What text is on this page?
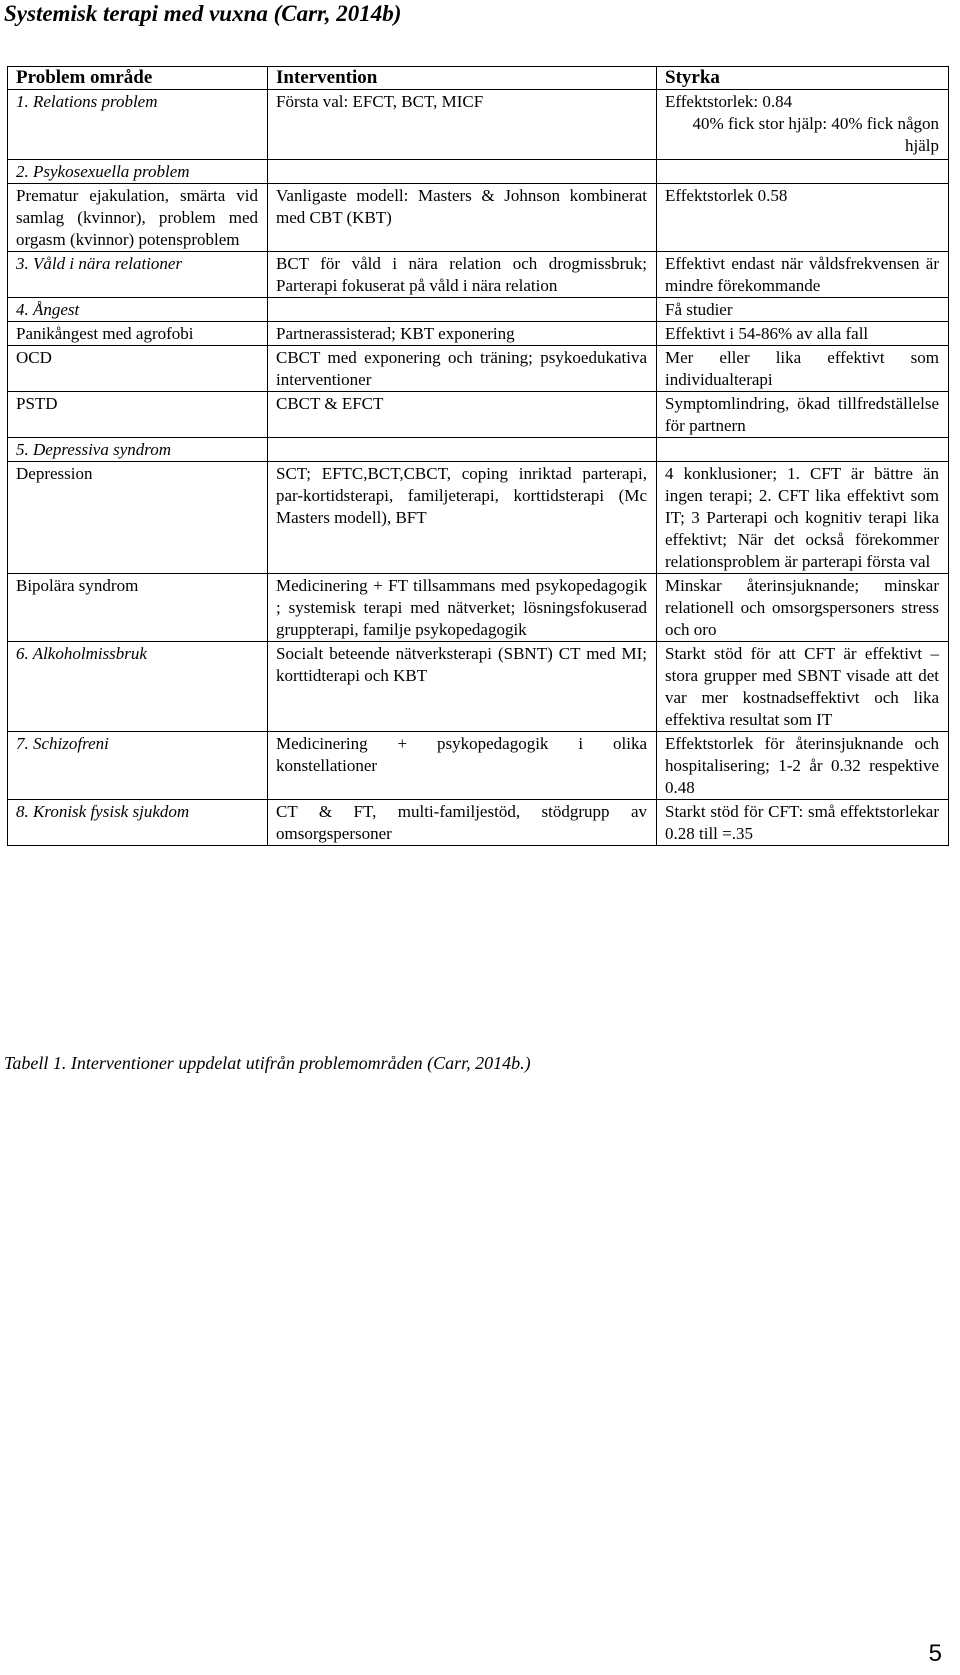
Systemisk terapi med vuxna (Carr, 2014b)
Problem område	Intervention	Styrka
1. Relations problem	Första val: EFCT, BCT, MICF	Effektstorlek: 0.84
40% fick stor hjälp: 40% fick någon hjälp

2. Psykosexuella problem		
Prematur ejakulation, smärta vid samlag (kvinnor), problem med orgasm (kvinnor) potensproblem	Vanligaste modell: Masters & Johnson kombinerat med CBT (KBT)	Effektstorlek 0.58
3. Våld i nära relationer	BCT för våld i nära relation och drogmissbruk; Parterapi fokuserat på våld i nära relation	Effektivt endast när våldsfrekvensen är mindre förekommande
4. Ångest		Få studier
Panikångest med agrofobi	Partnerassisterad; KBT exponering	Effektivt i 54-86% av alla fall
OCD	CBCT med exponering och träning; psykoedukativa interventioner	Mer eller lika effektivt som individualterapi
PSTD	CBCT & EFCT	Symptomlindring, ökad tillfredställelse för partnern
5. Depressiva syndrom		
Depression	SCT; EFTC,BCT,CBCT, coping inriktad parterapi, par-kortidsterapi, familjeterapi, korttidsterapi (Mc Masters modell), BFT	4 konklusioner; 1. CFT är bättre än ingen terapi; 2. CFT lika effektivt som IT; 3 Parterapi och kognitiv terapi lika effektivt; När det också förekommer relationsproblem är parterapi första val
Bipolära syndrom	Medicinering + FT tillsammans med psykopedagogik ; systemisk terapi med nätverket; lösningsfokuserad gruppterapi, familje psykopedagogik	Minskar återinsjuknande; minskar relationell och omsorgspersoners stress och oro
6. Alkoholmissbruk	Socialt beteende nätverksterapi (SBNT) CT med MI; korttidterapi och KBT	Starkt stöd för att CFT är effektivt – stora grupper med SBNT visade att det var mer kostnadseffektivt och lika effektiva resultat som IT
7. Schizofreni	Medicinering + psykopedagogik i olika konstellationer	Effektstorlek för återinsjuknande och hospitalisering; 1-2 år 0.32 respektive 0.48
8. Kronisk fysisk sjukdom	CT & FT, multi-familjestöd, stödgrupp av omsorgspersoner	Starkt stöd för CFT: små effektstorlekar 0.28 till =.35

Tabell 1. Interventioner uppdelat utifrån problemområden (Carr, 2014b.)

5
